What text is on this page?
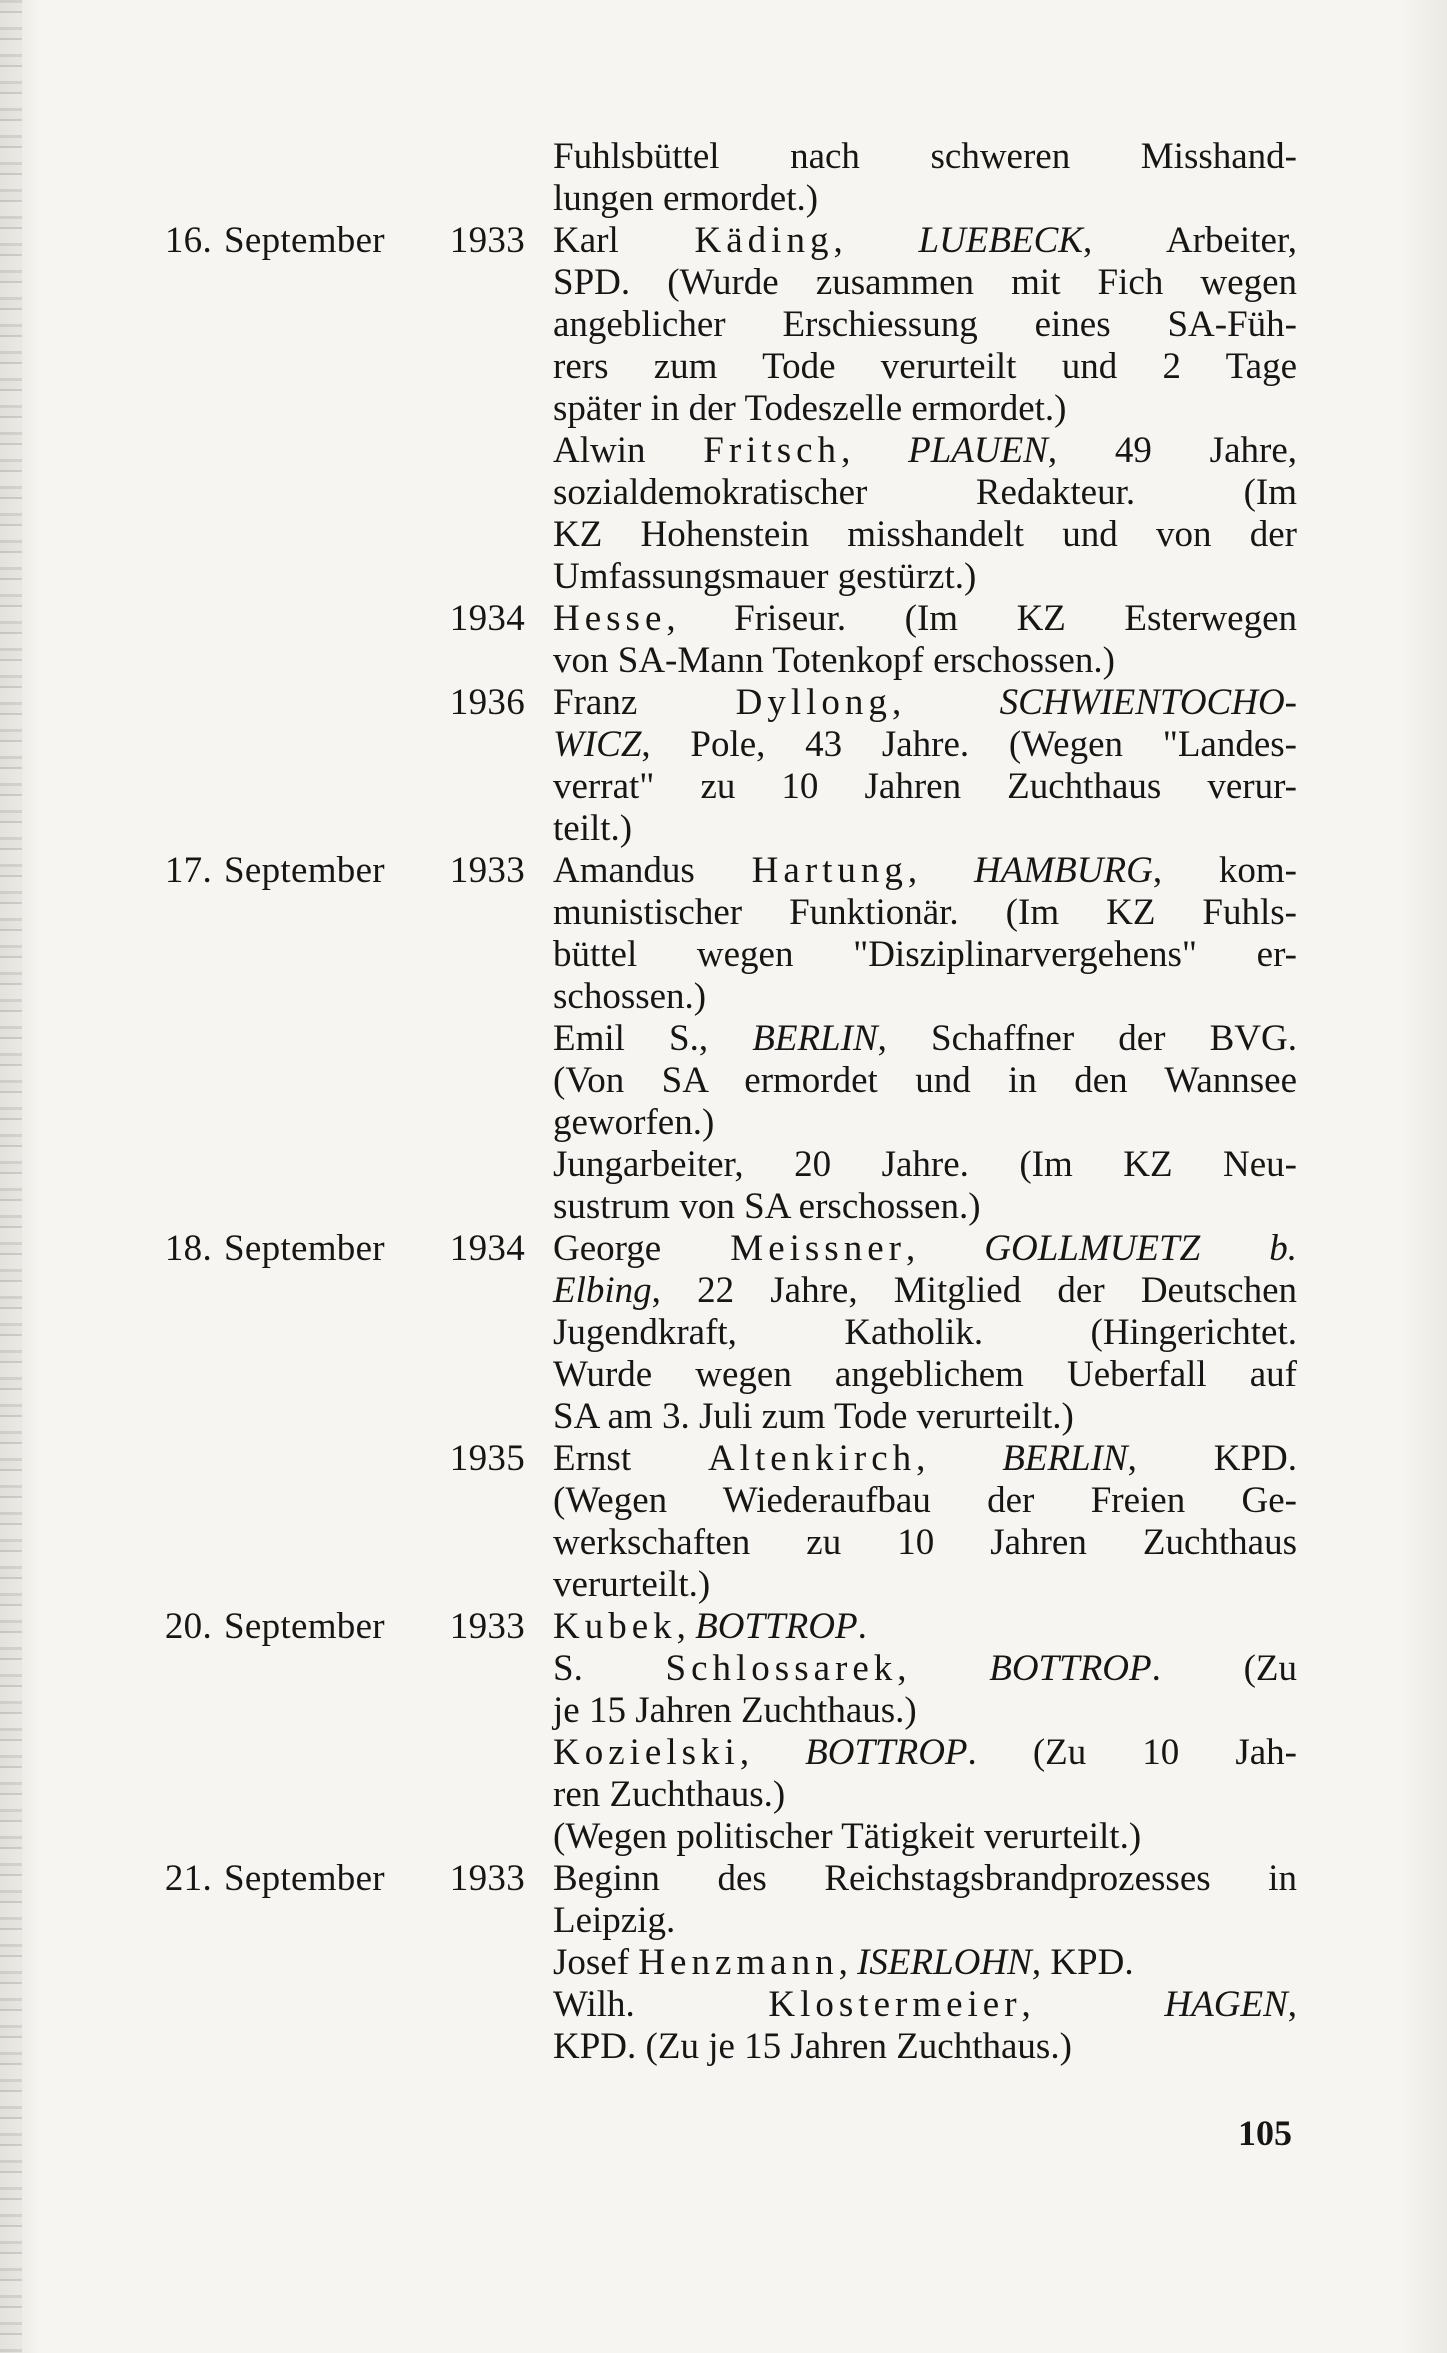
Fuhlsbüttel nach schweren Misshand-
lungen ermordet.)
16. September	1933 Karl Käding, LUEBECK, Arbeiter,
SPD. (Wurde zusammen mit Fich wegen
angeblicher Erschiessung eines SA-Füh-
rers zum Tode verurteilt und 2 Tage
später in der Todeszelle ermordet.)
Alwin Fritsch, PLAUEN, 49 Jahre,
sozialdemokratischer Redakteur. (Im
KZ Hohenstein misshandelt und von der
Umfassungsmauer gestürzt.)
1934 Hesse, Friseur. (Im KZ Esterwegen
von SA-Mann Totenkopf erschossen.)
1936 Franz Dyllong, SCHWIENTOCHO-
WICZ, Pole, 43 Jahre. (Wegen "Landes-
verrat" zu 10 Jahren Zuchthaus verur-
teilt.)
17. September	1933 Amandus Hartung, HAMBURG, kom-
munistischer Funktionär. (Im KZ Fuhls-
büttel wegen "Disziplinarvergehens" er-
schossen.)
Emil S., BERLIN, Schaffner der BVG.
(Von SA ermordet und in den Wannsee
geworfen.)
Jungarbeiter, 20 Jahre. (Im KZ Neu-
sustrum von SA erschossen.)
18. September	1934 George Meissner, GOLLMUETZ b.
Elbing, 22 Jahre, Mitglied der Deutschen
Jugendkraft, Katholik. (Hingerichtet.
Wurde wegen angeblichem Ueberfall auf
SA am 3. Juli zum Tode verurteilt.)
1935 Ernst Altenkirch, BERLIN, KPD.
(Wegen Wiederaufbau der Freien Ge-
werkschaften zu 10 Jahren Zuchthaus
verurteilt.)
20. September	1933 Kubek, BOTTROP.
S. Schlossarek, BOTTROP. (Zu
je 15 Jahren Zuchthaus.)
Kozielski, BOTTROP. (Zu 10 Jah-
ren Zuchthaus.)
(Wegen politischer Tätigkeit verurteilt.)
21. September	1933 Beginn des Reichstagsbrandprozesses in
Leipzig.
Josef Henzmann, ISERLOHN, KPD.
Wilh. Klostermeier, HAGEN,
KPD. (Zu je 15 Jahren Zuchthaus.)
105
